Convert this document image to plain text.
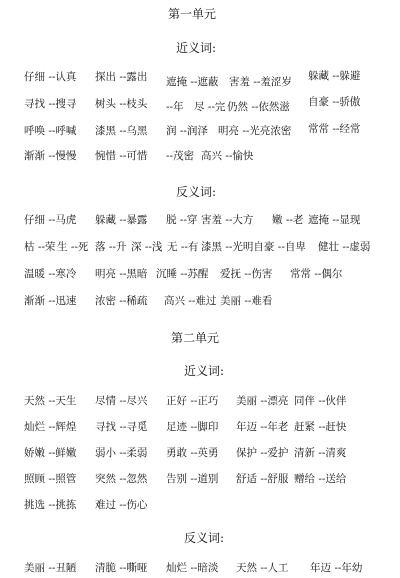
第一单元
近义词:
仔细 --认真 探出 --露出 遮掩 --遮蔽 害羞 --羞涩岁 躲藏 --躲避
寻找 --搜寻 树头 --枝头 --年 尽 --完 仍然 --依然滋 自豪 --骄傲
呼唤 --呼喊 漆黑 --乌黑 润 --润泽 明亮 --光亮浓密 常常 --经常
渐渐 --慢慢 惋惜 --可惜 --茂密 高兴 --愉快
反义词:
仔细 --马虎 躲藏 --暴露 脱 --穿 害羞 --大方 嫩 --老 遮掩 --显现
枯 --荣 生 --死 落 --升 深 --浅 无 --有 漆黑 --光明自豪 --自卑 健壮 --虚弱
温暖 --寒冷 明亮 --黑暗 沉睡 --苏醒 爱抚 --伤害 常常 --偶尔
渐渐 --迅速 浓密 --稀疏 高兴 --难过 美丽 --难看
第二单元
近义词:
天然 --天生 尽情 --尽兴 正好 --正巧 美丽 --漂亮 同伴 --伙伴
灿烂 --辉煌 寻找 --寻觅 足迹 --脚印 年迈 --年老 赶紧 --赶快
娇嫩 --鲜嫩 弱小 --柔弱 勇敢 --英勇 保护 --爱护 清新 --清爽
照顾 --照管 突然 --忽然 告别 --道别 舒适 --舒服 赠给 --送给
挑选 --挑拣 难过 --伤心
反义词:
美丽 --丑陋 清脆 --嘶哑 灿烂 --暗淡 天然 --人工 年迈 --年幼
